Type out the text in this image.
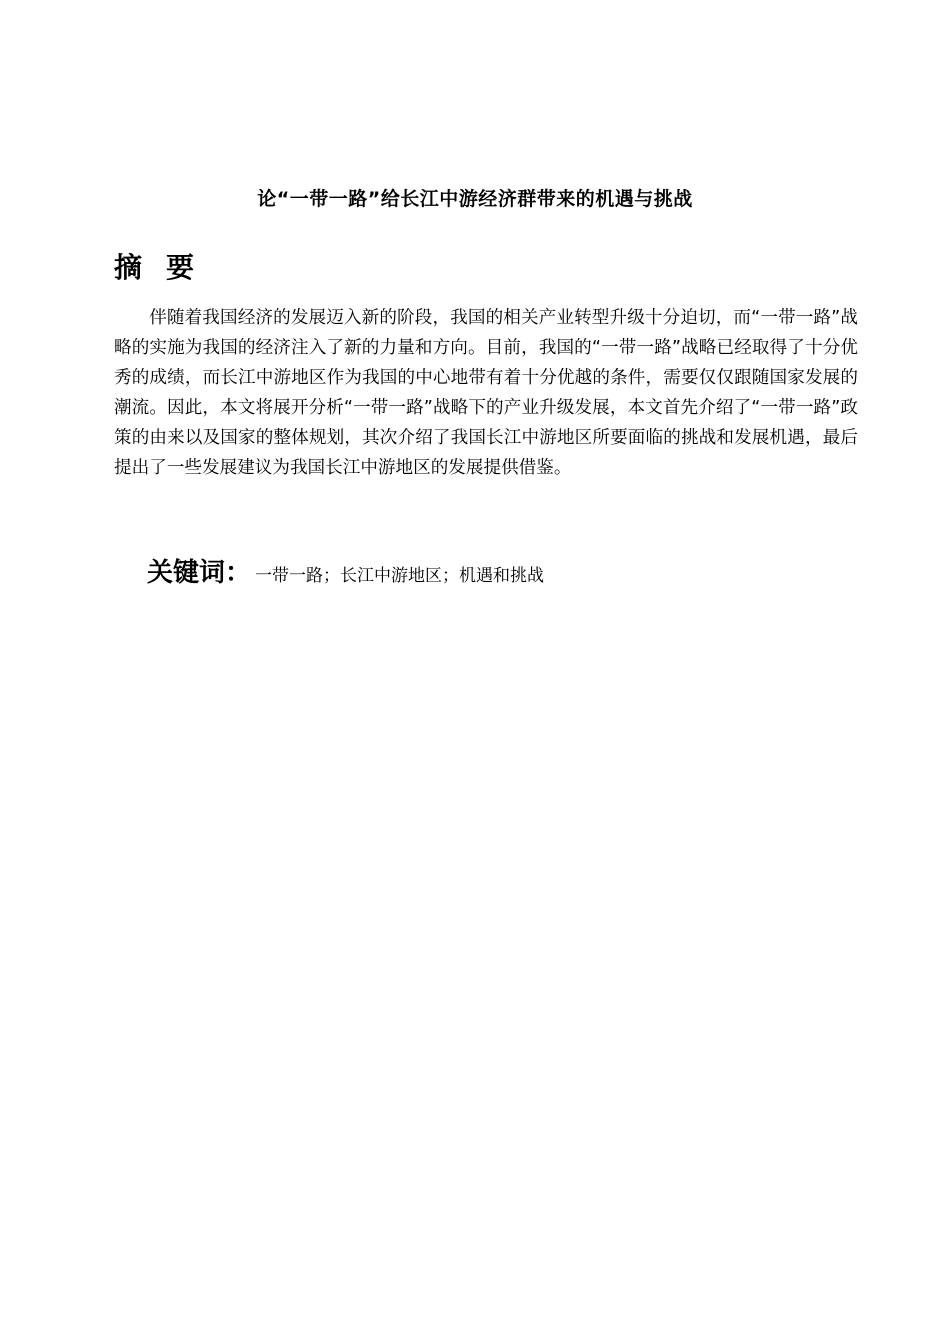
论“一带一路”给长江中游经济群带来的机遇与挑战
摘要

伴随着我国经济的发展迈入新的阶段，我国的相关产业转型升级十分迫切，而“一带一路”战略的实施为我国的经济注入了新的力量和方向。目前，我国的“一带一路”战略已经取得了十分优秀的成绩，而长江中游地区作为我国的中心地带有着十分优越的条件，需要仅仅跟随国家发展的潮流。因此，本文将展开分析“一带一路”战略下的产业升级发展，本文首先介绍了“一带一路”政策的由来以及国家的整体规划，其次介绍了我国长江中游地区所要面临的挑战和发展机遇，最后提出了一些发展建议为我国长江中游地区的发展提供借鉴。

关键词： 一带一路；长江中游地区；机遇和挑战
